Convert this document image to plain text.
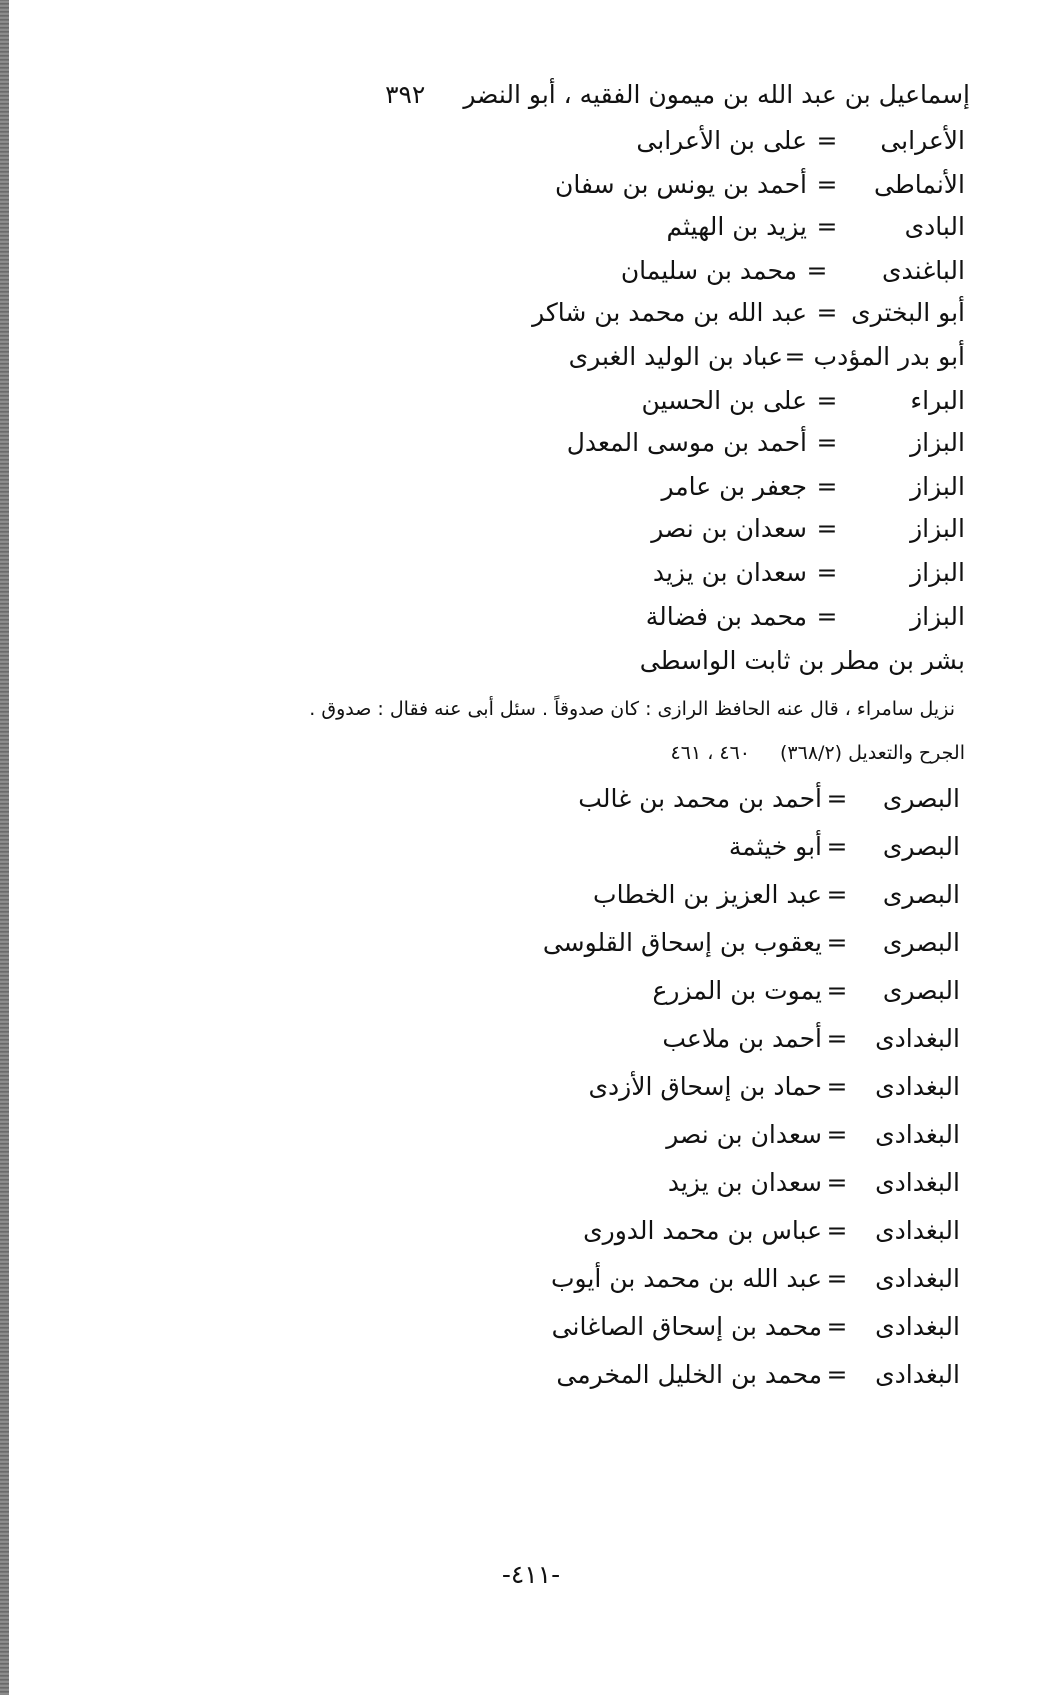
إسماعيل بن عبد الله بن ميمون الفقيه ، أبو النضر٣٩٢
الأعرابى=على بن الأعرابى
الأنماطى=أحمد بن يونس بن سفان
البادى=يزيد بن الهيثم
الباغندى=محمد بن سليمان
أبو البخترى=عبد الله بن محمد بن شاكر
أبو بدر المؤدب=عباد بن الوليد الغبرى
البراء=على بن الحسين
البزاز=أحمد بن موسى المعدل
البزاز=جعفر بن عامر
البزاز=سعدان بن نصر
البزاز=سعدان بن يزيد
البزاز=محمد بن فضالة
بشر بن مطر بن ثابت الواسطى
نزيل سامراء ، قال عنه الحافظ الرازى : كان صدوقاً . سئل أبى عنه فقال : صدوق .
الجرح والتعديل(٣٦٨/٢)٤٦٠ ، ٤٦١
البصرى=أحمد بن محمد بن غالب
البصرى=أبو خيثمة
البصرى=عبد العزيز بن الخطاب
البصرى=يعقوب بن إسحاق القلوسى
البصرى=يموت بن المزرع
البغدادى=أحمد بن ملاعب
البغدادى=حماد بن إسحاق الأزدى
البغدادى=سعدان بن نصر
البغدادى=سعدان بن يزيد
البغدادى=عباس بن محمد الدورى
البغدادى=عبد الله بن محمد بن أيوب
البغدادى=محمد بن إسحاق الصاغانى
البغدادى=محمد بن الخليل المخرمى
-٤١١-
